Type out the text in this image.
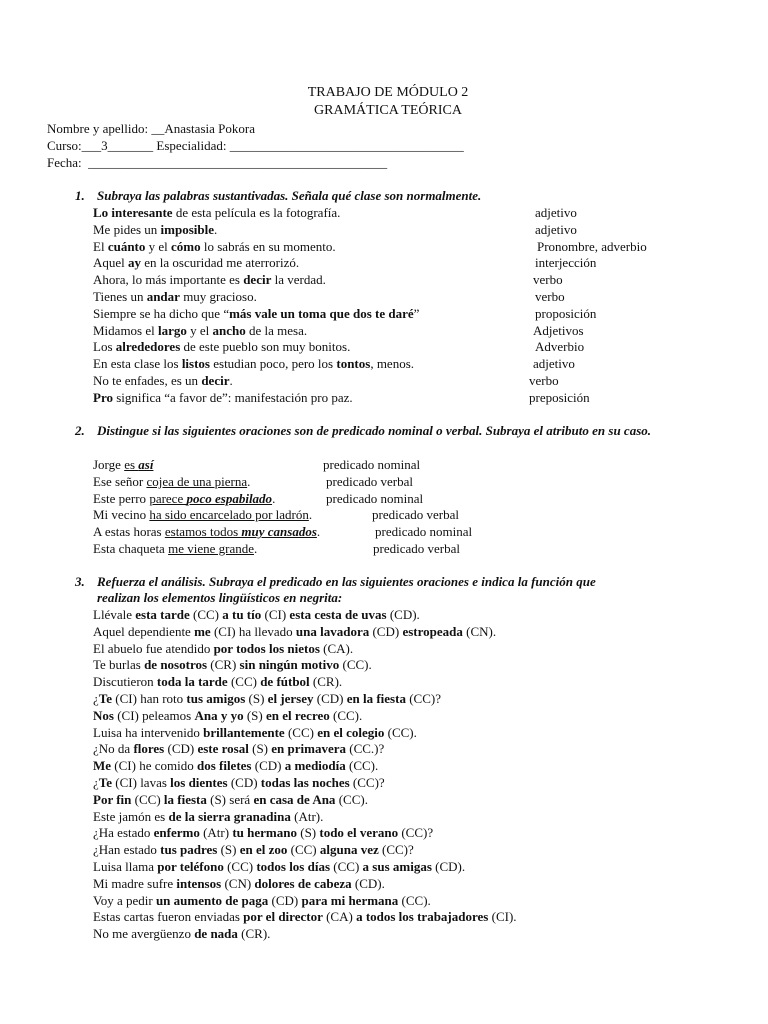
TRABAJO DE MÓDULO 2
GRAMÁTICA TEÓRICA
Nombre y apellido: __Anastasia Pokora
Curso:___3_______ Especialidad: ____________________________________
Fecha:  ______________________________________________
1. Subraya las palabras sustantivadas. Señala qué clase son normalmente.
Lo interesante de esta película es la fotografía.	adjetivo
Me pides un imposible.	adjetivo
El cuánto y el cómo lo sabrás en su momento.	Pronombre, adverbio
Aquel ay en la oscuridad me aterrorizó.	interjección
Ahora, lo más importante es decir la verdad.	verbo
Tienes un andar muy gracioso.	verbo
Siempre se ha dicho que “más vale un toma que dos te daré”	proposición
Midamos el largo y el ancho de la mesa.	Adjetivos
Los alrededores de este pueblo son muy bonitos.	Adverbio
En esta clase los listos estudian poco, pero los tontos, menos.	adjetivo
No te enfades, es un decir.	verbo
Pro significa “a favor de”: manifestación pro paz.	preposición
2. Distingue si las siguientes oraciones son de predicado nominal o verbal. Subraya el atributo en su caso.
Jorge es así	predicado nominal
Ese señor cojea de una pierna.	predicado verbal
Este perro parece poco espabilado.	predicado nominal
Mi vecino ha sido encarcelado por ladrón.	predicado verbal
A estas horas estamos todos muy cansados.	predicado nominal
Esta chaqueta me viene grande.	predicado verbal
3. Refuerza el análisis. Subraya el predicado en las siguientes oraciones e indica la función que
realizan los elementos lingüísticos en negrita:
Llévale esta tarde (CC) a tu tío (CI) esta cesta de uvas (CD).
Aquel dependiente me (CI) ha llevado una lavadora (CD) estropeada (CN).
El abuelo fue atendido por todos los nietos (CA).
Te burlas de nosotros (CR) sin ningún motivo (CC).
Discutieron toda la tarde (CC) de fútbol (CR).
¿Te (CI) han roto tus amigos (S) el jersey (CD) en la fiesta (CC)?
Nos (CI) peleamos Ana y yo (S) en el recreo (CC).
Luisa ha intervenido brillantemente (CC) en el colegio (CC).
¿No da flores (CD) este rosal (S) en primavera (CC.)?
Me (CI) he comido dos filetes (CD) a mediodía (CC).
¿Te (CI) lavas los dientes (CD) todas las noches (CC)?
Por fin (CC) la fiesta (S) será en casa de Ana (CC).
Este jamón es de la sierra granadina (Atr).
¿Ha estado enfermo (Atr) tu hermano (S) todo el verano (CC)?
¿Han estado tus padres (S) en el zoo (CC) alguna vez (CC)?
Luisa llama por teléfono (CC) todos los días (CC) a sus amigas (CD).
Mi madre sufre intensos (CN) dolores de cabeza (CD).
Voy a pedir un aumento de paga (CD) para mi hermana (CC).
Estas cartas fueron enviadas por el director (CA) a todos los trabajadores (CI).
No me avergüenzo de nada (CR).
